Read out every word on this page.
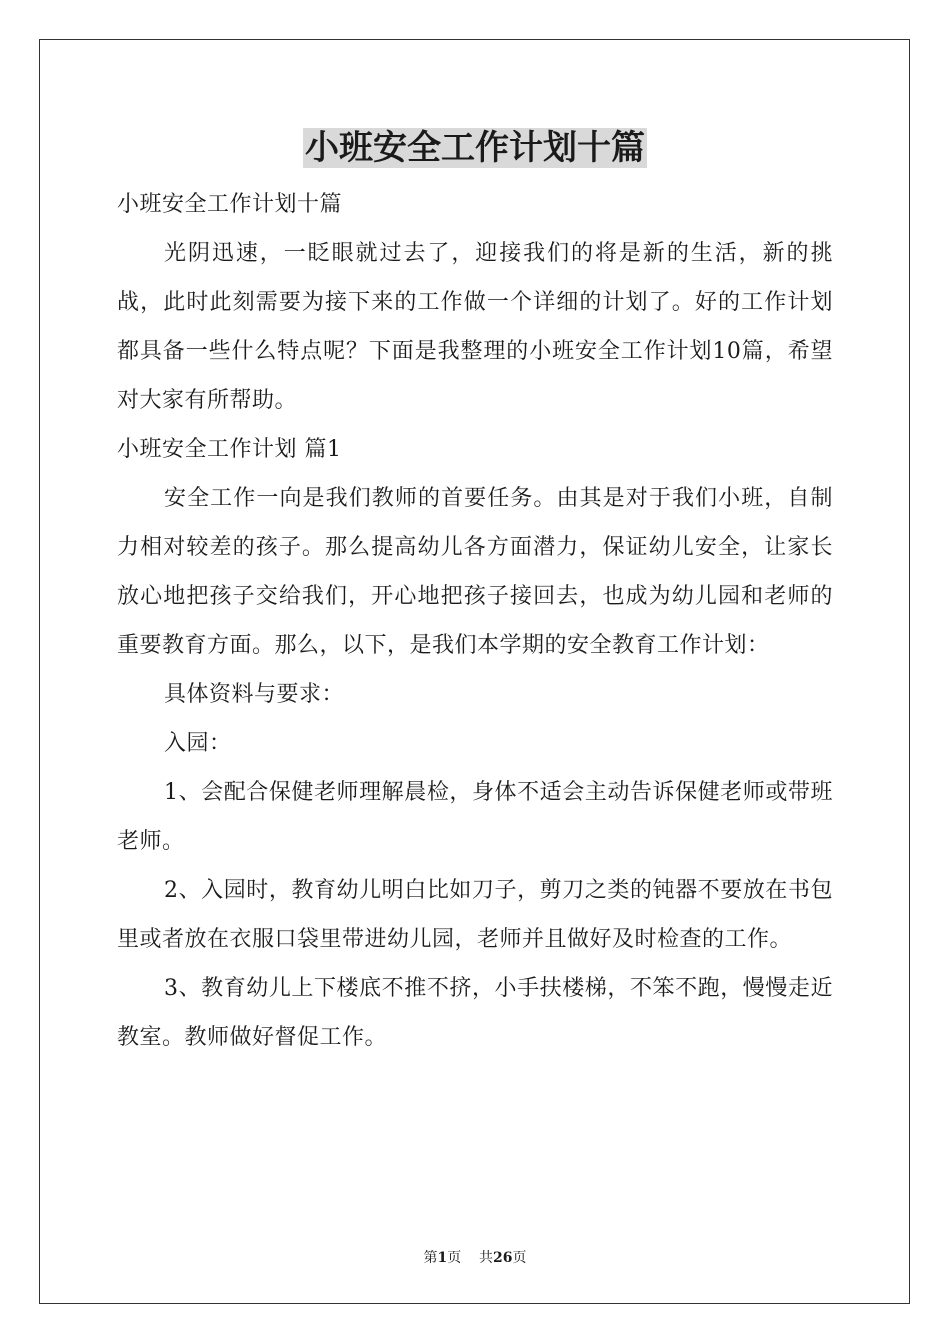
小班安全工作计划十篇

小班安全工作计划十篇

光阴迅速，一眨眼就过去了，迎接我们的将是新的生活，新的挑战，此时此刻需要为接下来的工作做一个详细的计划了。好的工作计划都具备一些什么特点呢？下面是我整理的小班安全工作计划10篇，希望对大家有所帮助。

小班安全工作计划 篇1

安全工作一向是我们教师的首要任务。由其是对于我们小班，自制力相对较差的孩子。那么提高幼儿各方面潜力，保证幼儿安全，让家长放心地把孩子交给我们，开心地把孩子接回去，也成为幼儿园和老师的重要教育方面。那么，以下，是我们本学期的安全教育工作计划：

具体资料与要求：

入园：

1、会配合保健老师理解晨检，身体不适会主动告诉保健老师或带班老师。

2、入园时，教育幼儿明白比如刀子，剪刀之类的钝器不要放在书包里或者放在衣服口袋里带进幼儿园，老师并且做好及时检查的工作。

3、教育幼儿上下楼底不推不挤，小手扶楼梯，不笨不跑，慢慢走近教室。教师做好督促工作。

第1页 共26页
